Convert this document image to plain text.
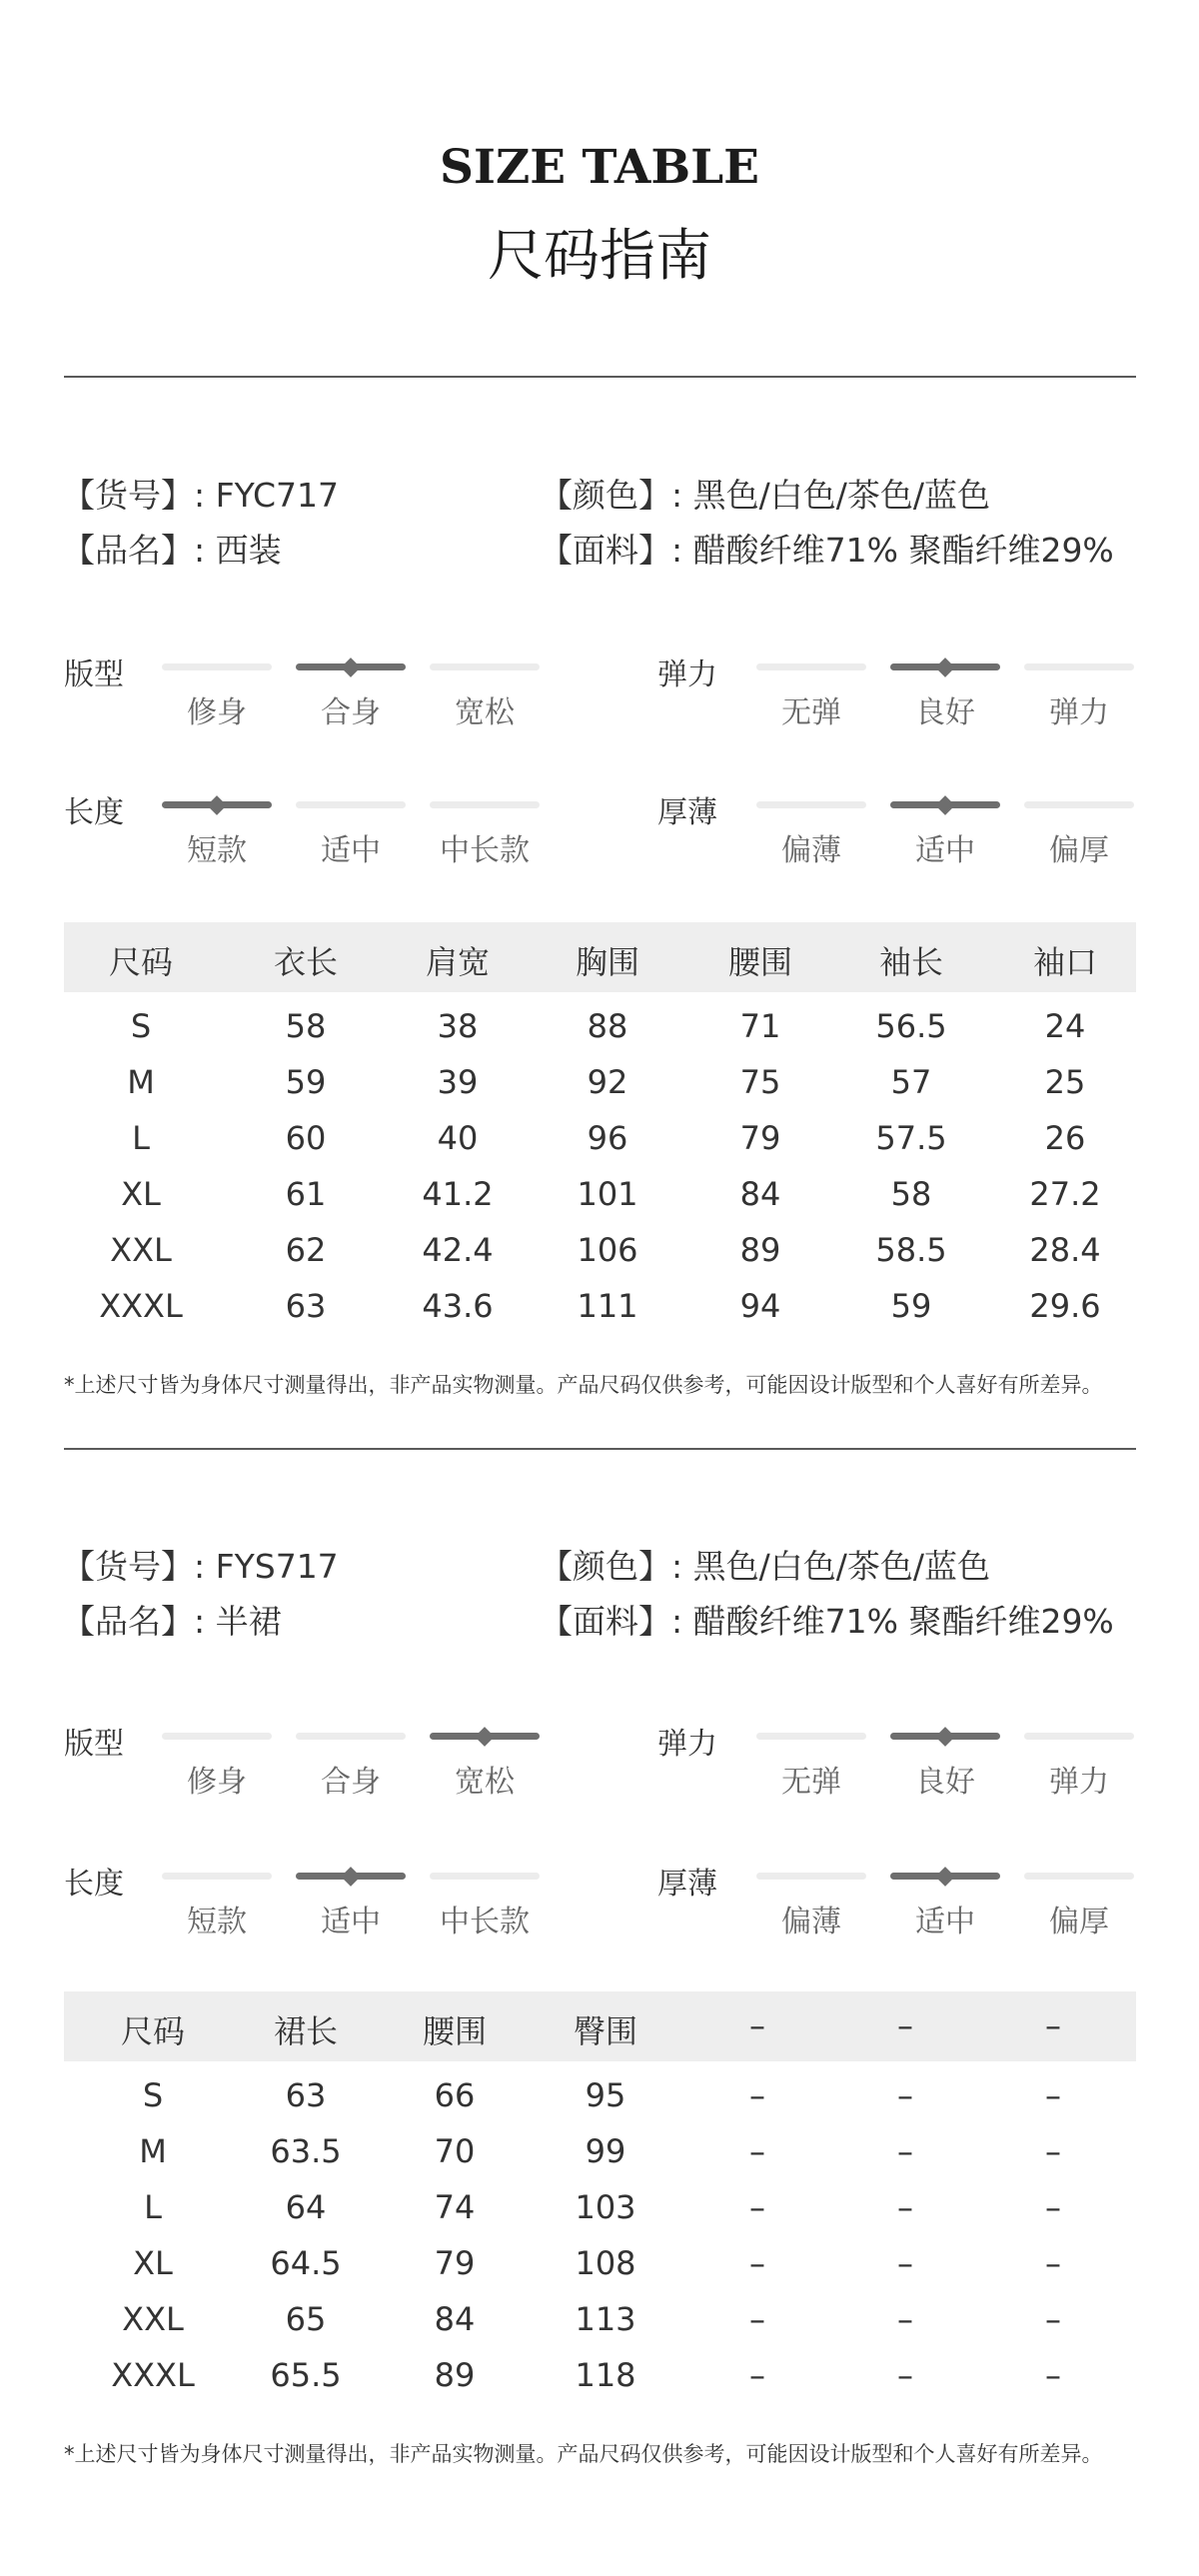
SIZE TABLE
尺码指南
【货号】: FYC717
【品名】: 西装
【颜色】: 黑色/白色/茶色/蓝色
【面料】: 醋酸纤维71% 聚酯纤维29%
版型
修身	合身	宽松
弹力
无弹	良好	弹力
长度
短款	适中	中长款
厚薄
偏薄	适中	偏厚
尺码	衣长	肩宽	胸围	腰围	袖长	袖口
S	58	38	88	71	56.5	24
M	59	39	92	75	57	25
L	60	40	96	79	57.5	26
XL	61	41.2	101	84	58	27.2
XXL	62	42.4	106	89	58.5	28.4
XXXL	63	43.6	111	94	59	29.6
*上述尺寸皆为身体尺寸测量得出，非产品实物测量。产品尺码仅供参考，可能因设计版型和个人喜好有所差异。
【货号】: FYS717
【品名】: 半裙
【颜色】: 黑色/白色/茶色/蓝色
【面料】: 醋酸纤维71% 聚酯纤维29%
版型
修身	合身	宽松
弹力
无弹	良好	弹力
长度
短款	适中	中长款
厚薄
偏薄	适中	偏厚
尺码	裙长	腰围	臀围	–	–	–
S	63	66	95	–	–	–
M	63.5	70	99	–	–	–
L	64	74	103	–	–	–
XL	64.5	79	108	–	–	–
XXL	65	84	113	–	–	–
XXXL	65.5	89	118	–	–	–
*上述尺寸皆为身体尺寸测量得出，非产品实物测量。产品尺码仅供参考，可能因设计版型和个人喜好有所差异。
